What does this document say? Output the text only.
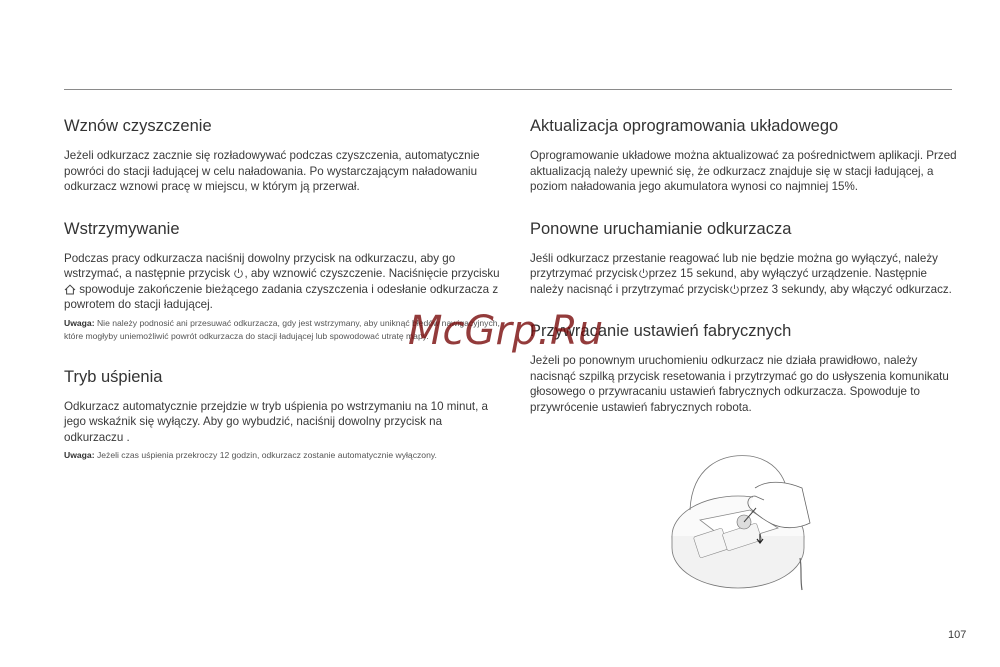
Wznów czyszczenie

Jeżeli odkurzacz zacznie się rozładowywać podczas czyszczenia, automatycznie powróci do stacji ładującej w celu naładowania. Po wystarczającym naładowaniu odkurzacz wznowi pracę w miejscu, w którym ją przerwał.

Wstrzymywanie

Podczas pracy odkurzacza naciśnij dowolny przycisk na odkurzaczu, aby go wstrzymać, a następnie przycisk , aby wznowić czyszczenie. Naciśnięcie przycisku  spowoduje zakończenie bieżącego zadania czyszczenia i odesłanie odkurzacza z powrotem do stacji ładującej.

Uwaga: Nie należy podnosić ani przesuwać odkurzacza, gdy jest wstrzymany, aby uniknąć błędów nawigacyjnych, które mogłyby uniemożliwić powrót odkurzacza do stacji ładującej lub spowodować utratę mapy.

Tryb uśpienia

Odkurzacz automatycznie przejdzie w tryb uśpienia po wstrzymaniu na 10 minut, a jego wskaźnik się wyłączy. Aby go wybudzić, naciśnij dowolny przycisk na odkurzaczu .

Uwaga: Jeżeli czas uśpienia przekroczy 12 godzin, odkurzacz zostanie automatycznie wyłączony.

Aktualizacja oprogramowania układowego

Oprogramowanie układowe można aktualizować za pośrednictwem aplikacji. Przed aktualizacją należy upewnić się, że odkurzacz znajduje się w stacji ładującej, a poziom naładowania jego akumulatora wynosi co najmniej 15%.

Ponowne uruchamianie odkurzacza

Jeśli odkurzacz przestanie reagować lub nie będzie można go wyłączyć, należy przytrzymać przycisk przez 15 sekund, aby wyłączyć urządzenie. Następnie należy nacisnąć i przytrzymać przycisk przez 3 sekundy, aby włączyć odkurzacz.

Przywracanie ustawień fabrycznych

Jeżeli po ponownym uruchomieniu odkurzacz nie działa prawidłowo, należy nacisnąć szpilką przycisk resetowania i przytrzymać go do usłyszenia komunikatu głosowego o przywracaniu ustawień fabrycznych odkurzacza. Spowoduje to przywrócenie ustawień fabrycznych robota.

McGrp.Ru
107
